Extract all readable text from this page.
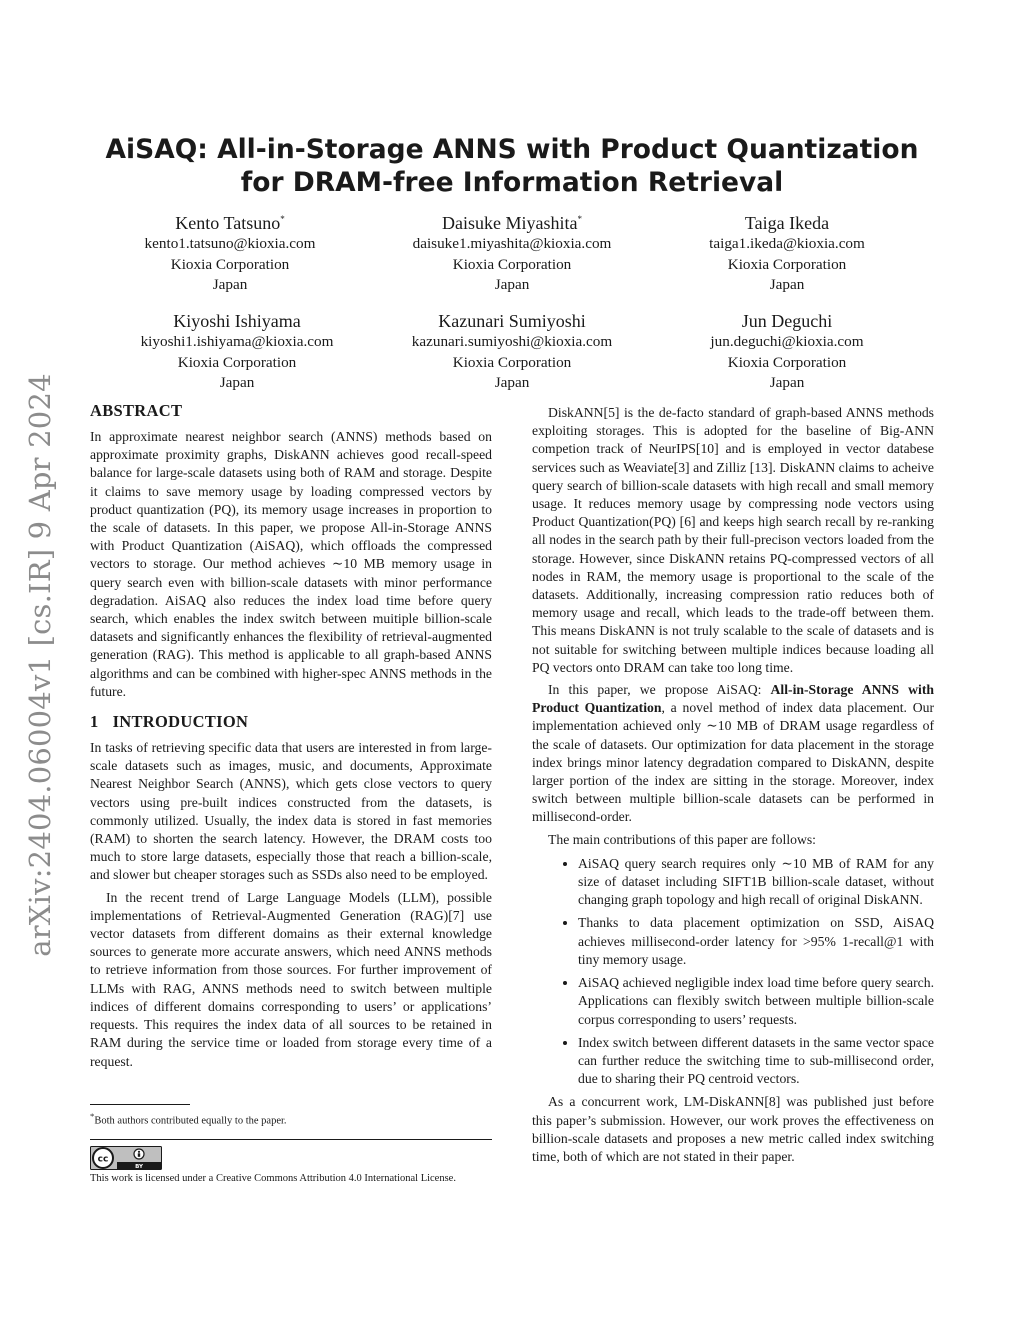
arXiv:2404.06004v1 [cs.IR] 9 Apr 2024
AiSAQ: All-in-Storage ANNS with Product Quantization for DRAM-free Information Retrieval
Kento Tatsuno*
kento1.tatsuno@kioxia.com
Kioxia Corporation
Japan
Daisuke Miyashita*
daisuke1.miyashita@kioxia.com
Kioxia Corporation
Japan
Taiga Ikeda
taiga1.ikeda@kioxia.com
Kioxia Corporation
Japan
Kiyoshi Ishiyama
kiyoshi1.ishiyama@kioxia.com
Kioxia Corporation
Japan
Kazunari Sumiyoshi
kazunari.sumiyoshi@kioxia.com
Kioxia Corporation
Japan
Jun Deguchi
jun.deguchi@kioxia.com
Kioxia Corporation
Japan
ABSTRACT

In approximate nearest neighbor search (ANNS) methods based on approximate proximity graphs, DiskANN achieves good recall-speed balance for large-scale datasets using both of RAM and storage. Despite it claims to save memory usage by loading compressed vectors by product quantization (PQ), its memory usage increases in proportion to the scale of datasets. In this paper, we propose All-in-Storage ANNS with Product Quantization (AiSAQ), which offloads the compressed vectors to storage. Our method achieves ∼10 MB memory usage in query search even with billion-scale datasets with minor performance degradation. AiSAQ also reduces the index load time before query search, which enables the index switch between muitiple billion-scale datasets and significantly enhances the flexibility of retrieval-augmented generation (RAG). This method is applicable to all graph-based ANNS algorithms and can be combined with higher-spec ANNS methods in the future.

1 INTRODUCTION

In tasks of retrieving specific data that users are interested in from large-scale datasets such as images, music, and documents, Approximate Nearest Neighbor Search (ANNS), which gets close vectors to query vectors using pre-built indices constructed from the datasets, is commonly utilized. Usually, the index data is stored in fast memories (RAM) to shorten the search latency. However, the DRAM costs too much to store large datasets, especially those that reach a billion-scale, and slower but cheaper storages such as SSDs also need to be employed.

In the recent trend of Large Language Models (LLM), possible implementations of Retrieval-Augmented Generation (RAG)[7] use vector datasets from different domains as their external knowledge sources to generate more accurate answers, which need ANNS methods to retrieve information from those sources. For further improvement of LLMs with RAG, ANNS methods need to switch between multiple indices of different domains corresponding to users’ or applications’ requests. This requires the index data of all sources to be retained in RAM during the service time or loaded from storage every time of a request.

*Both authors contributed equally to the paper.
cc
BY
This work is licensed under a Creative Commons Attribution 4.0 International License.

DiskANN[5] is the de-facto standard of graph-based ANNS methods exploiting storages. This is adopted for the baseline of Big-ANN competion track of NeurIPS[10] and is employed in vector databese services such as Weaviate[3] and Zilliz [13]. DiskANN claims to acheive query search of billion-scale datasets with high recall and small memory usage. It reduces memory usage by compressing node vectors using Product Quantization(PQ) [6] and keeps high search recall by re-ranking all nodes in the search path by their full-precison vectors loaded from the storage. However, since DiskANN retains PQ-compressed vectors of all nodes in RAM, the memory usage is proportional to the scale of the datasets. Additionally, increasing compression ratio reduces both of memory usage and recall, which leads to the trade-off between them. This means DiskANN is not truly scalable to the scale of datasets and is not suitable for switching between multiple indices because loading all PQ vectors onto DRAM can take too long time.

In this paper, we propose AiSAQ: All-in-Storage ANNS with Product Quantization, a novel method of index data placement. Our implementation achieved only ∼10 MB of DRAM usage regardless of the scale of datasets. Our optimization for data placement in the storage index brings minor latency degradation compared to DiskANN, despite larger portion of the index are sitting in the storage. Moreover, index switch between multiple billion-scale datasets can be performed in millisecond-order.

The main contributions of this paper are follows:

• AiSAQ query search requires only ∼10 MB of RAM for any size of dataset including SIFT1B billion-scale dataset, without changing graph topology and high recall of original DiskANN.
• Thanks to data placement optimization on SSD, AiSAQ achieves millisecond-order latency for >95% 1-recall@1 with tiny memory usage.
• AiSAQ achieved negligible index load time before query search. Applications can flexibly switch between multiple billion-scale corpus corresponding to users’ requests.
• Index switch between different datasets in the same vector space can further reduce the switching time to sub-millisecond order, due to sharing their PQ centroid vectors.

As a concurrent work, LM-DiskANN[8] was published just before this paper’s submission. However, our work proves the effectiveness on billion-scale datasets and proposes a new metric called index switching time, both of which are not stated in their paper.
